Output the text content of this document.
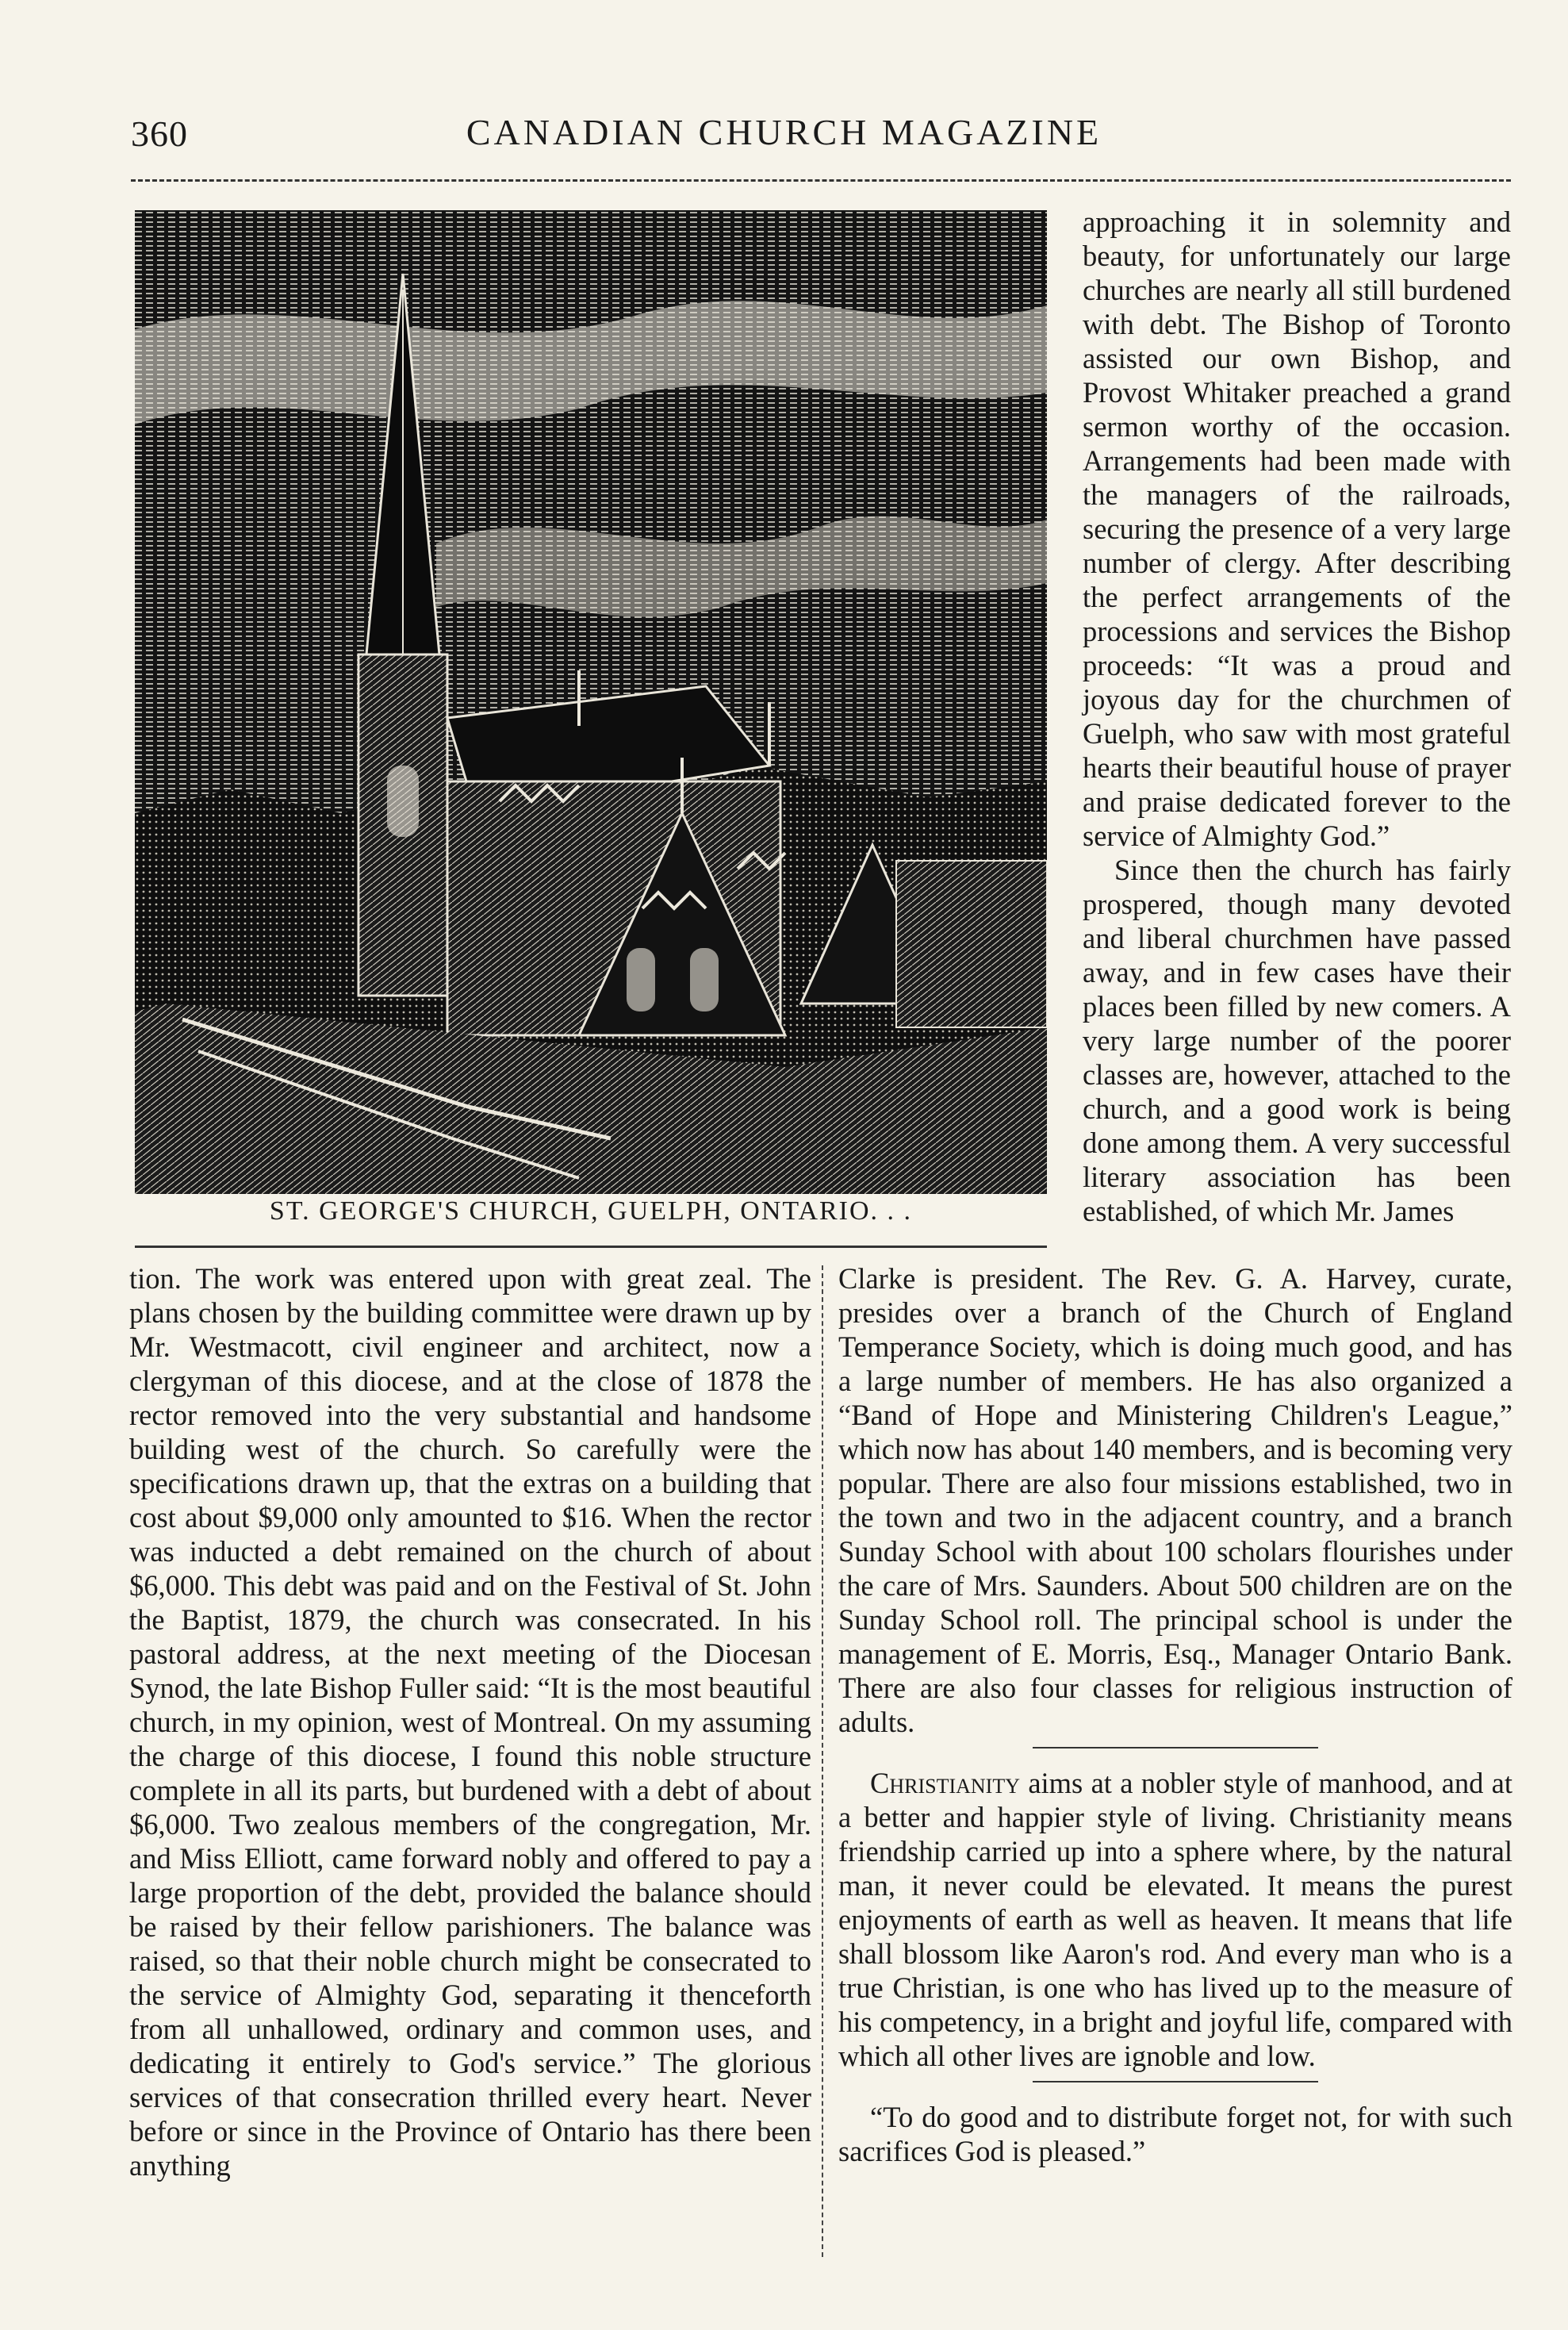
360	CANADIAN CHURCH MAGAZINE
ST. GEORGE'S CHURCH, GUELPH, ONTARIO. . .

approaching it in solemnity and beauty, for unfortunately our large churches are nearly all still burdened with debt. The Bishop of Toronto assisted our own Bishop, and Provost Whitaker preached a grand sermon worthy of the occasion. Arrangements had been made with the managers of the railroads, securing the presence of a very large number of clergy. After describing the perfect arrangements of the processions and services the Bishop proceeds: “It was a proud and joyous day for the churchmen of Guelph, who saw with most grateful hearts their beautiful house of prayer and praise dedicated forever to the service of Almighty God.”

Since then the church has fairly prospered, though many devoted and liberal churchmen have passed away, and in few cases have their places been filled by new comers. A very large number of the poorer classes are, however, attached to the church, and a good work is being done among them. A very successful literary association has been established, of which Mr. James

tion. The work was entered upon with great zeal. The plans chosen by the building committee were drawn up by Mr. Westmacott, civil engineer and architect, now a clergyman of this diocese, and at the close of 1878 the rector removed into the very substantial and handsome building west of the church. So carefully were the specifications drawn up, that the extras on a building that cost about $9,000 only amounted to $16. When the rector was inducted a debt remained on the church of about $6,000. This debt was paid and on the Festival of St. John the Baptist, 1879, the church was consecrated. In his pastoral address, at the next meeting of the Diocesan Synod, the late Bishop Fuller said: “It is the most beautiful church, in my opinion, west of Montreal. On my assuming the charge of this diocese, I found this noble structure complete in all its parts, but burdened with a debt of about $6,000. Two zealous members of the congregation, Mr. and Miss Elliott, came forward nobly and offered to pay a large proportion of the debt, provided the balance should be raised by their fellow parishioners. The balance was raised, so that their noble church might be consecrated to the service of Almighty God, separating it thenceforth from all unhallowed, ordinary and common uses, and dedicating it entirely to God's service.” The glorious services of that consecration thrilled every heart. Never before or since in the Province of Ontario has there been anything

Clarke is president. The Rev. G. A. Harvey, curate, presides over a branch of the Church of England Temperance Society, which is doing much good, and has a large number of members. He has also organized a “Band of Hope and Ministering Children's League,” which now has about 140 members, and is becoming very popular. There are also four missions established, two in the town and two in the adjacent country, and a branch Sunday School with about 100 scholars flourishes under the care of Mrs. Saunders. About 500 children are on the Sunday School roll. The principal school is under the management of E. Morris, Esq., Manager Ontario Bank. There are also four classes for religious instruction of adults.

Christianity aims at a nobler style of manhood, and at a better and happier style of living. Christianity means friendship carried up into a sphere where, by the natural man, it never could be elevated. It means the purest enjoyments of earth as well as heaven. It means that life shall blossom like Aaron's rod. And every man who is a true Christian, is one who has lived up to the measure of his competency, in a bright and joyful life, compared with which all other lives are ignoble and low.

“To do good and to distribute forget not, for with such sacrifices God is pleased.”
